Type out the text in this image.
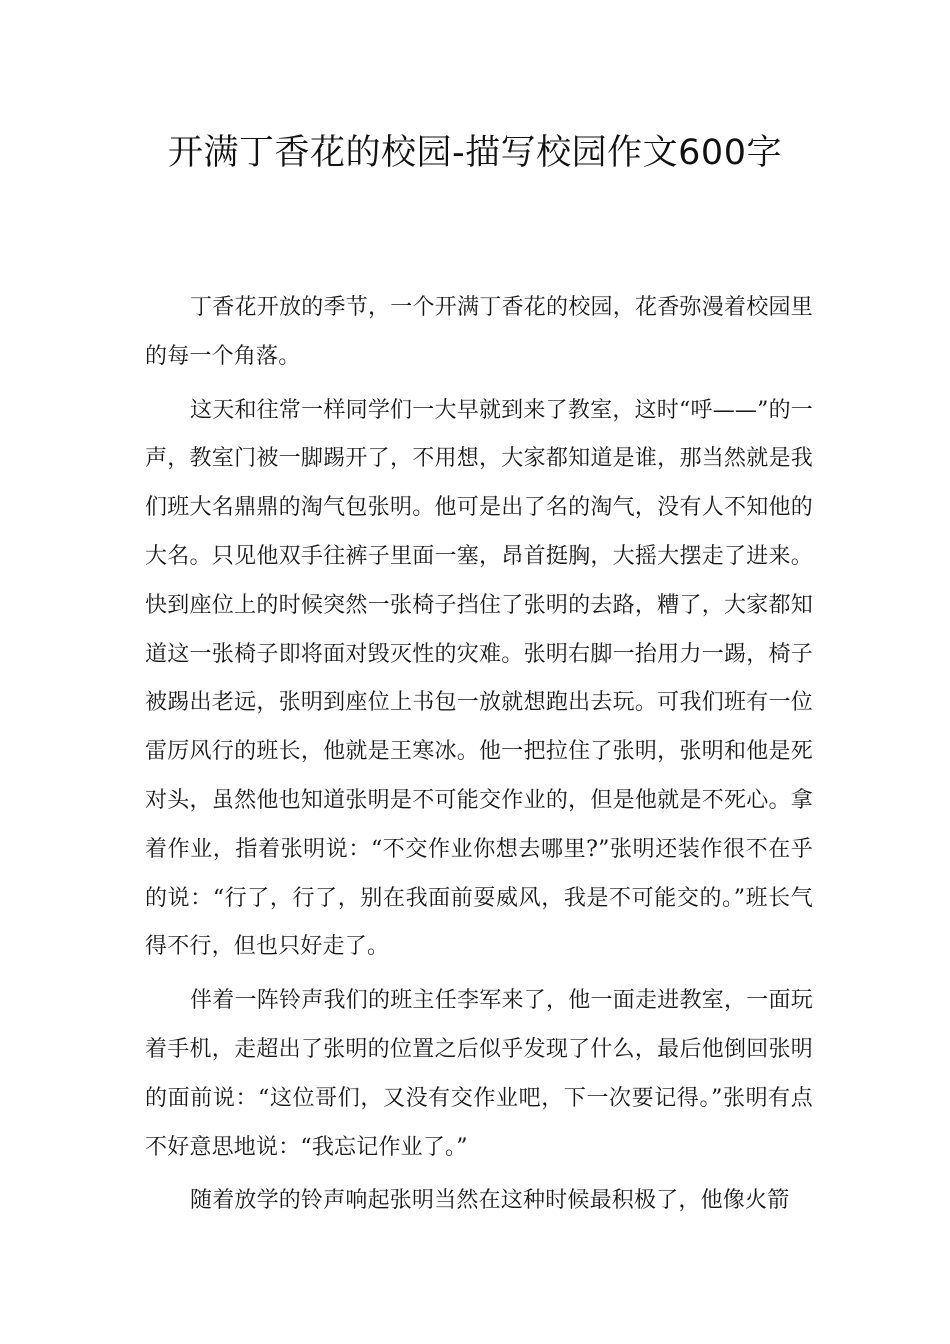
开满丁香花的校园-描写校园作文600字

丁香花开放的季节，一个开满丁香花的校园，花香弥漫着校园里的每一个角落。

这天和往常一样同学们一大早就到来了教室，这时“呼——”的一声，教室门被一脚踢开了，不用想，大家都知道是谁，那当然就是我们班大名鼎鼎的淘气包张明。他可是出了名的淘气，没有人不知他的大名。只见他双手往裤子里面一塞，昂首挺胸，大摇大摆走了进来。快到座位上的时候突然一张椅子挡住了张明的去路，糟了，大家都知道这一张椅子即将面对毁灭性的灾难。张明右脚一抬用力一踢，椅子被踢出老远，张明到座位上书包一放就想跑出去玩。可我们班有一位雷厉风行的班长，他就是王寒冰。他一把拉住了张明，张明和他是死对头，虽然他也知道张明是不可能交作业的，但是他就是不死心。拿着作业，指着张明说：“不交作业你想去哪里?”张明还装作很不在乎的说：“行了，行了，别在我面前耍威风，我是不可能交的。”班长气得不行，但也只好走了。

伴着一阵铃声我们的班主任李军来了，他一面走进教室，一面玩着手机，走超出了张明的位置之后似乎发现了什么，最后他倒回张明的面前说：“这位哥们，又没有交作业吧，下一次要记得。”张明有点不好意思地说：“我忘记作业了。”

随着放学的铃声响起张明当然在这种时候最积极了，他像火箭
